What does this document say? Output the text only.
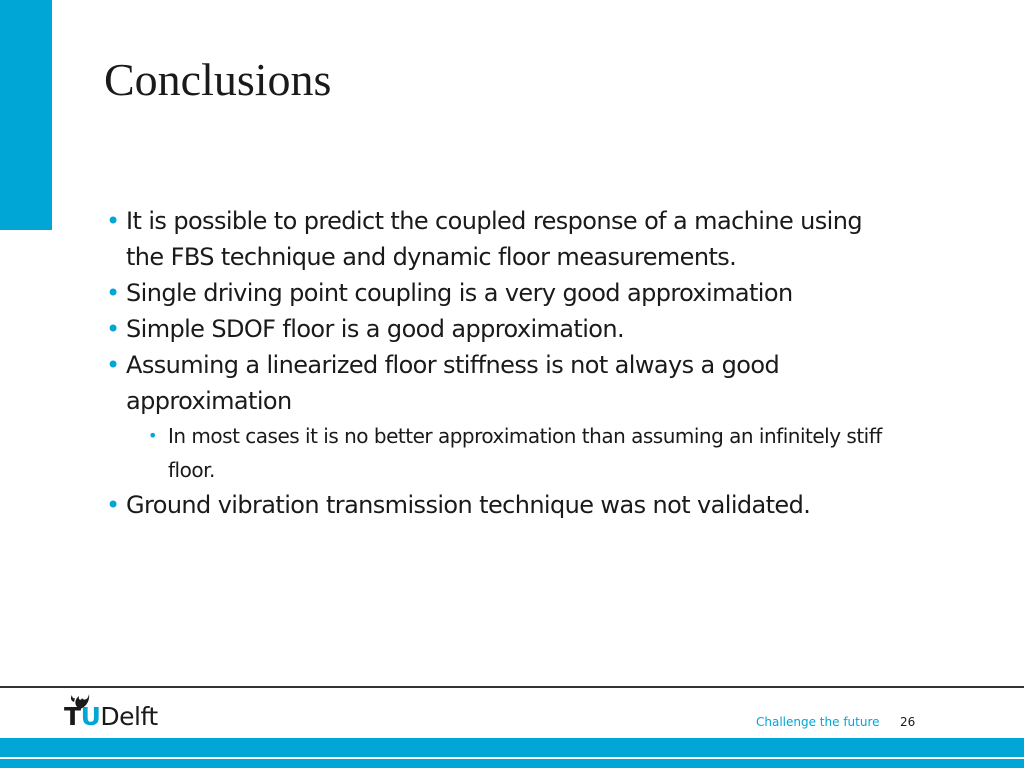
Conclusions
• It is possible to predict the coupled response of a machine using the FBS technique and dynamic floor measurements.
• Single driving point coupling is a very good approximation
• Simple SDOF floor is a good approximation.
• Assuming a linearized floor stiffness is not always a good approximation
• In most cases it is no better approximation than assuming an infinitely stiff floor.
• Ground vibration transmission technique was not validated.
TUDelft	Challenge the future 26
